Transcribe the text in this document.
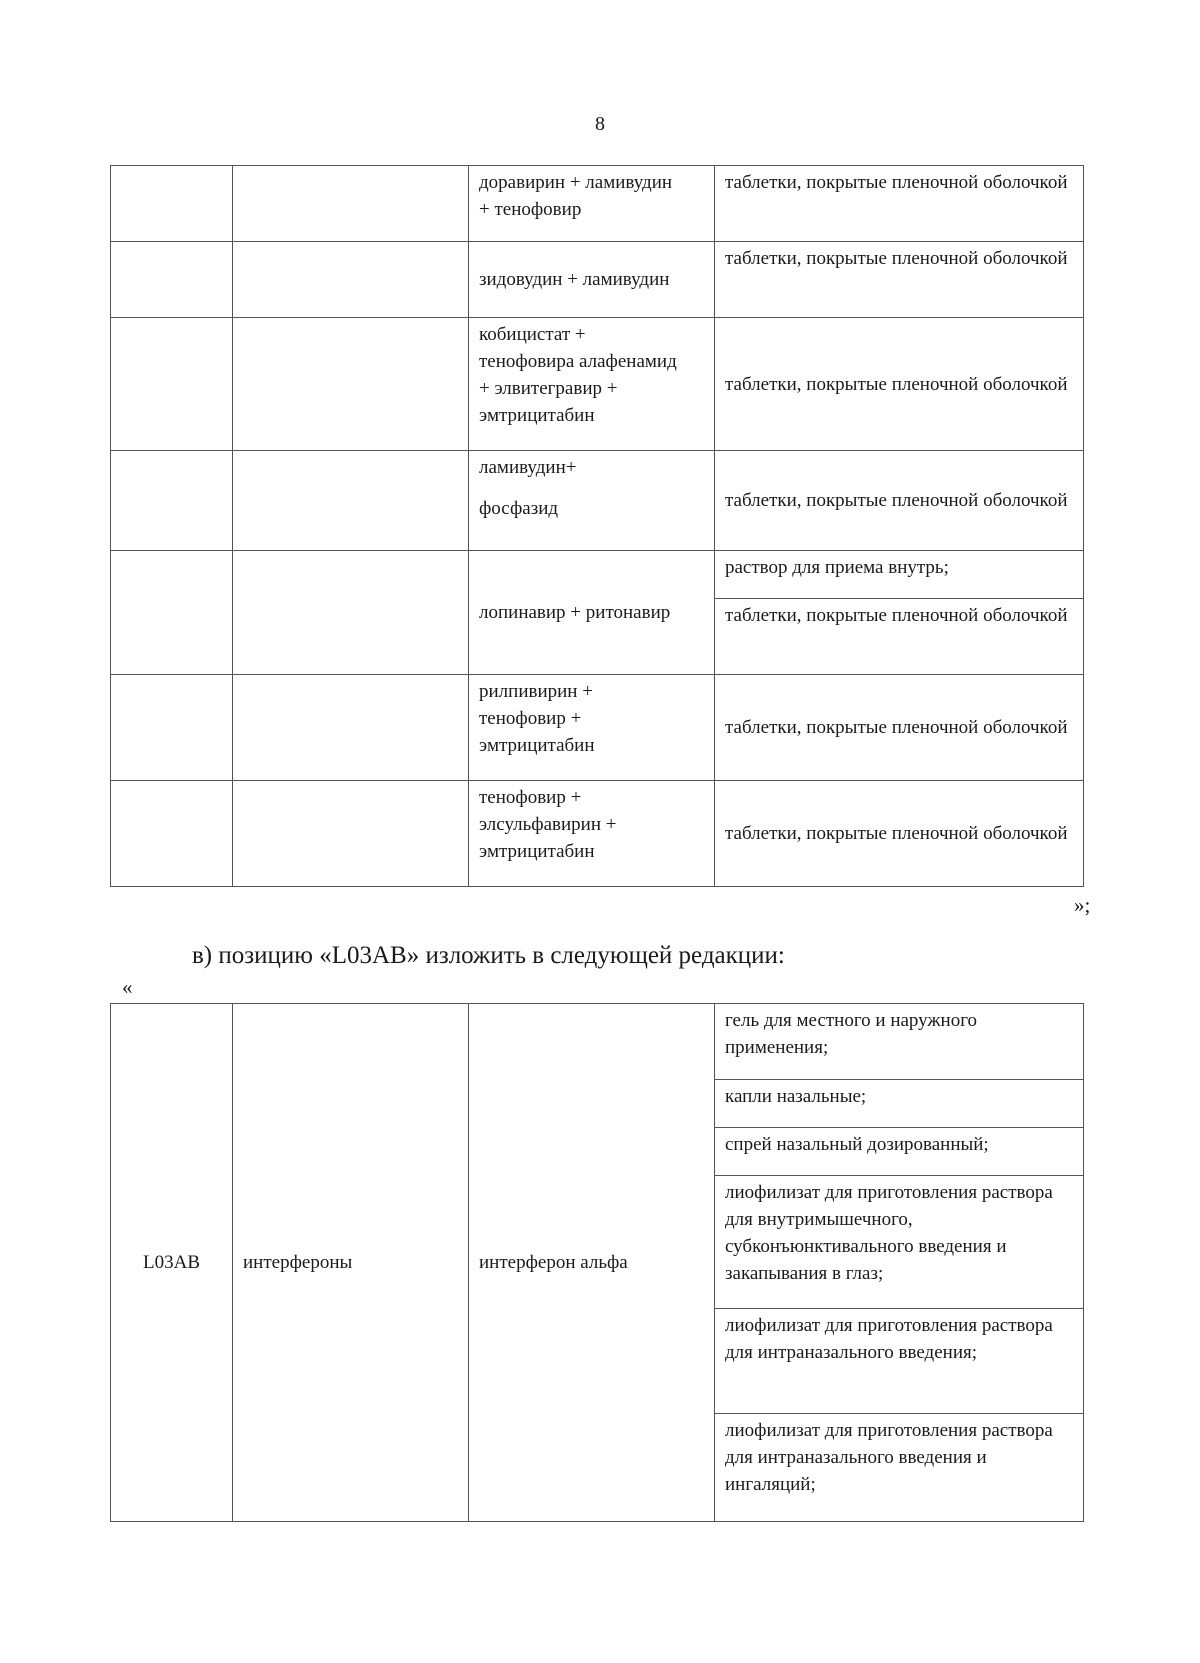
8
		доравирин + ламивудин
+ тенофовир	таблетки, покрытые пленочной оболочкой
		зидовудин + ламивудин	таблетки, покрытые пленочной оболочкой
		кобицистат +
тенофовира алафенамид
+ элвитегравир +
эмтрицитабин	таблетки, покрытые пленочной оболочкой
		ламивудин+
фосфазид	таблетки, покрытые пленочной оболочкой
		лопинавир + ритонавир	раствор для приема внутрь;
			таблетки, покрытые пленочной оболочкой
		рилпивирин +
тенофовир +
эмтрицитабин	таблетки, покрытые пленочной оболочкой
		тенофовир +
элсульфавирин +
эмтрицитабин	таблетки, покрытые пленочной оболочкой
»;
в) позицию «L03AB» изложить в следующей редакции:
«
L03AB	интерфероны	интерферон альфа	гель для местного и наружного применения;
капли назальные;
спрей назальный дозированный;
лиофилизат для приготовления раствора для внутримышечного, субконъюнктивального введения и закапывания в глаз;
лиофилизат для приготовления раствора для интраназального введения;
лиофилизат для приготовления раствора для интраназального введения и ингаляций;
